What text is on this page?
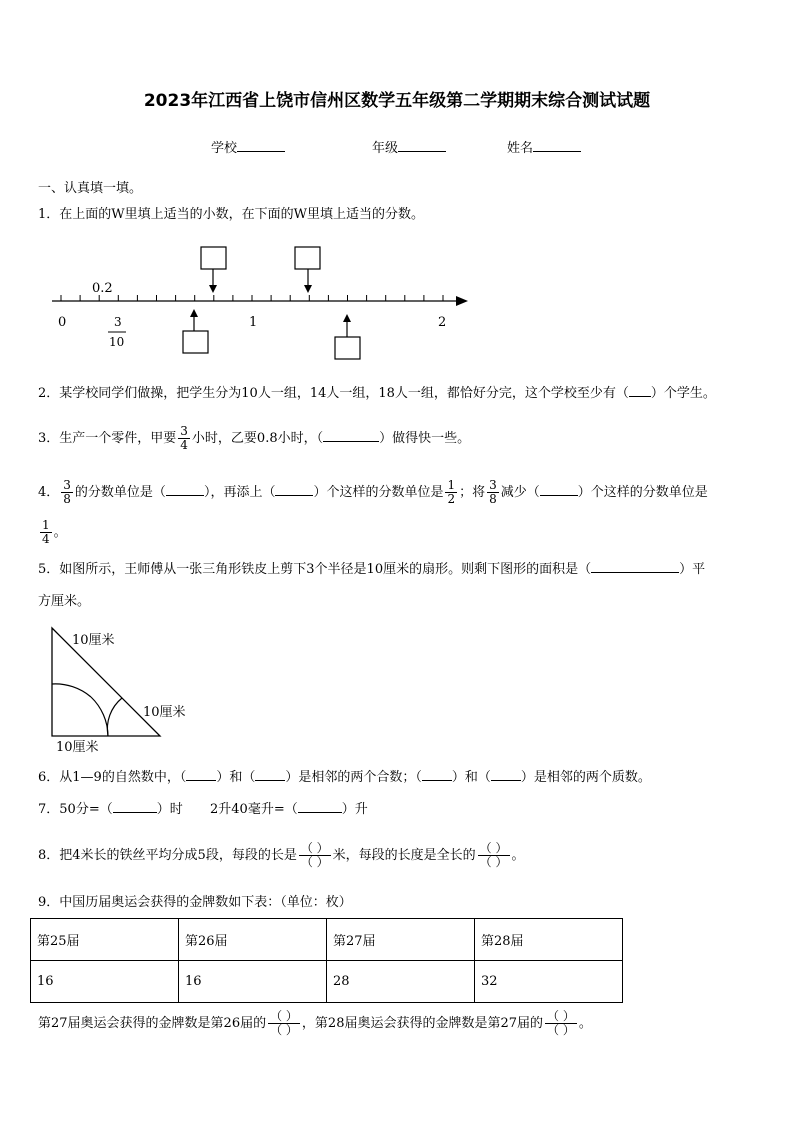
2023年江西省上饶市信州区数学五年级第二学期期末综合测试试题
学校	年级	姓名
一、认真填一填。
1．在上面的W里填上适当的小数，在下面的W里填上适当的分数。
0.2
0	1	2
3
10
2．某学校同学们做操，把学生分为10人一组，14人一组，18人一组，都恰好分完，这个学校至少有（ ）个学生。
3．生产一个零件，甲要 $\frac{3}{4}$ 小时，乙要0.8小时，（	）做得快一些。
4． $\frac{3}{8}$ 的分数单位是（	），再添上（	）个这样的分数单位是 $\frac{1}{2}$ ；将 $\frac{3}{8}$ 减少（	）个这样的分数单位是
$\frac{1}{4}$ 。
5．如图所示，王师傅从一张三角形铁皮上剪下3个半径是10厘米的扇形。则剩下图形的面积是（	）平
方厘米。
10厘米
10厘米
10厘米
6．从1—9的自然数中，（ ）和（ ）是相邻的两个合数；（ ）和（ ）是相邻的两个质数。
7．50分=（	）时 2升40毫升=（	）升
8．把4米长的铁丝平均分成5段，每段的长是 $\frac{( )}{( )}$ 米，每段的长度是全长的 $\frac{( )}{( )}$ 。
9．中国历届奥运会获得的金牌数如下表：（单位：枚）
第25届	第26届	第27届	第28届
16	16	28	32
第27届奥运会获得的金牌数是第26届的 $\frac{( )}{( )}$ ，第28届奥运会获得的金牌数是第27届的 $\frac{( )}{( )}$ 。
